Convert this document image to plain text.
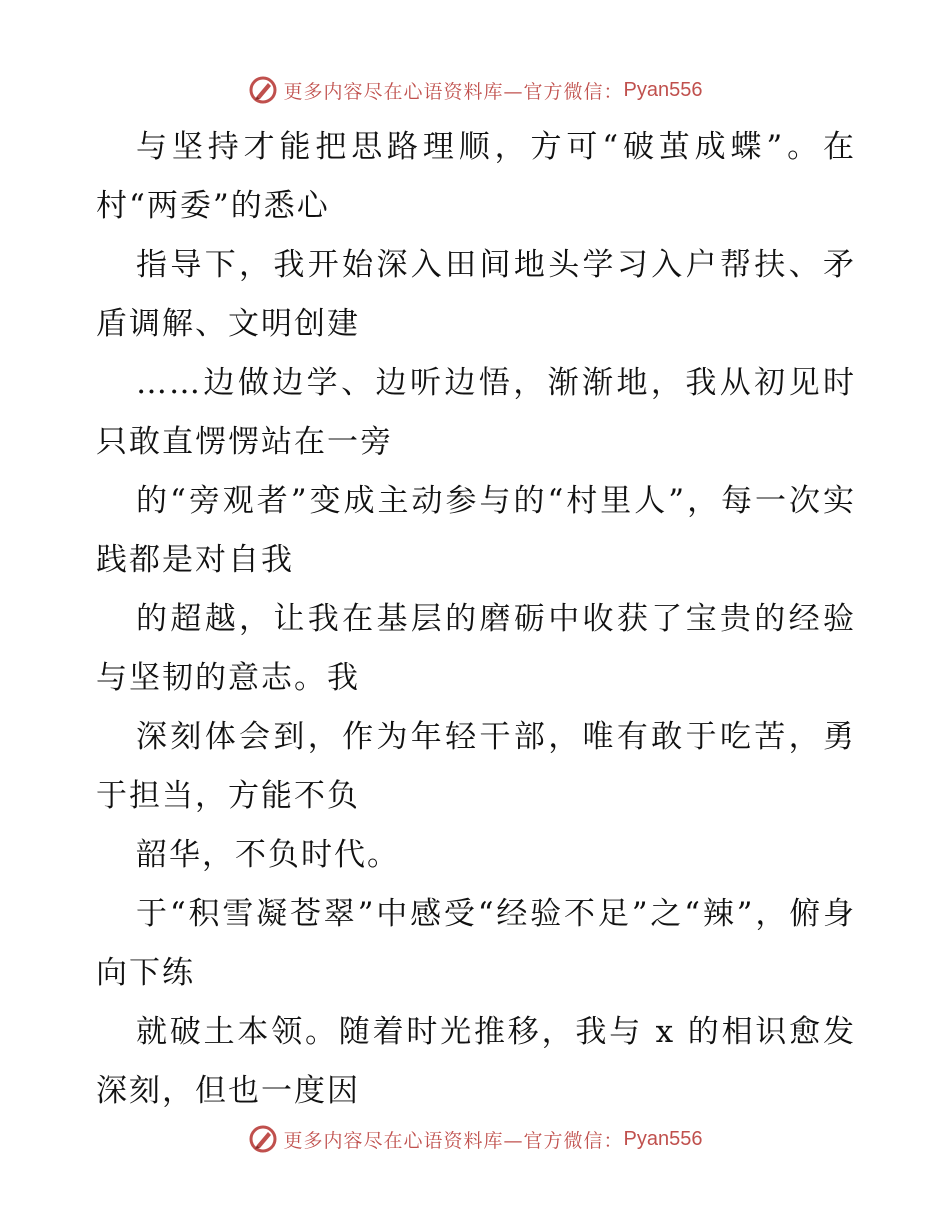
更多内容尽在心语资料库—官方微信： Pyan556

与坚持才能把思路理顺，方可“破茧成蝶”。在村“两委”的悉心

指导下，我开始深入田间地头学习入户帮扶、矛盾调解、文明创建

……边做边学、边听边悟，渐渐地，我从初见时只敢直愣愣站在一旁

的“旁观者”变成主动参与的“村里人”，每一次实践都是对自我

的超越，让我在基层的磨砺中收获了宝贵的经验与坚韧的意志。我

深刻体会到，作为年轻干部，唯有敢于吃苦，勇于担当，方能不负

韶华，不负时代。

于“积雪凝苍翠”中感受“经验不足”之“辣”，俯身向下练

就破土本领。随着时光推移，我与 x 的相识愈发深刻，但也一度因

更多内容尽在心语资料库—官方微信： Pyan556
